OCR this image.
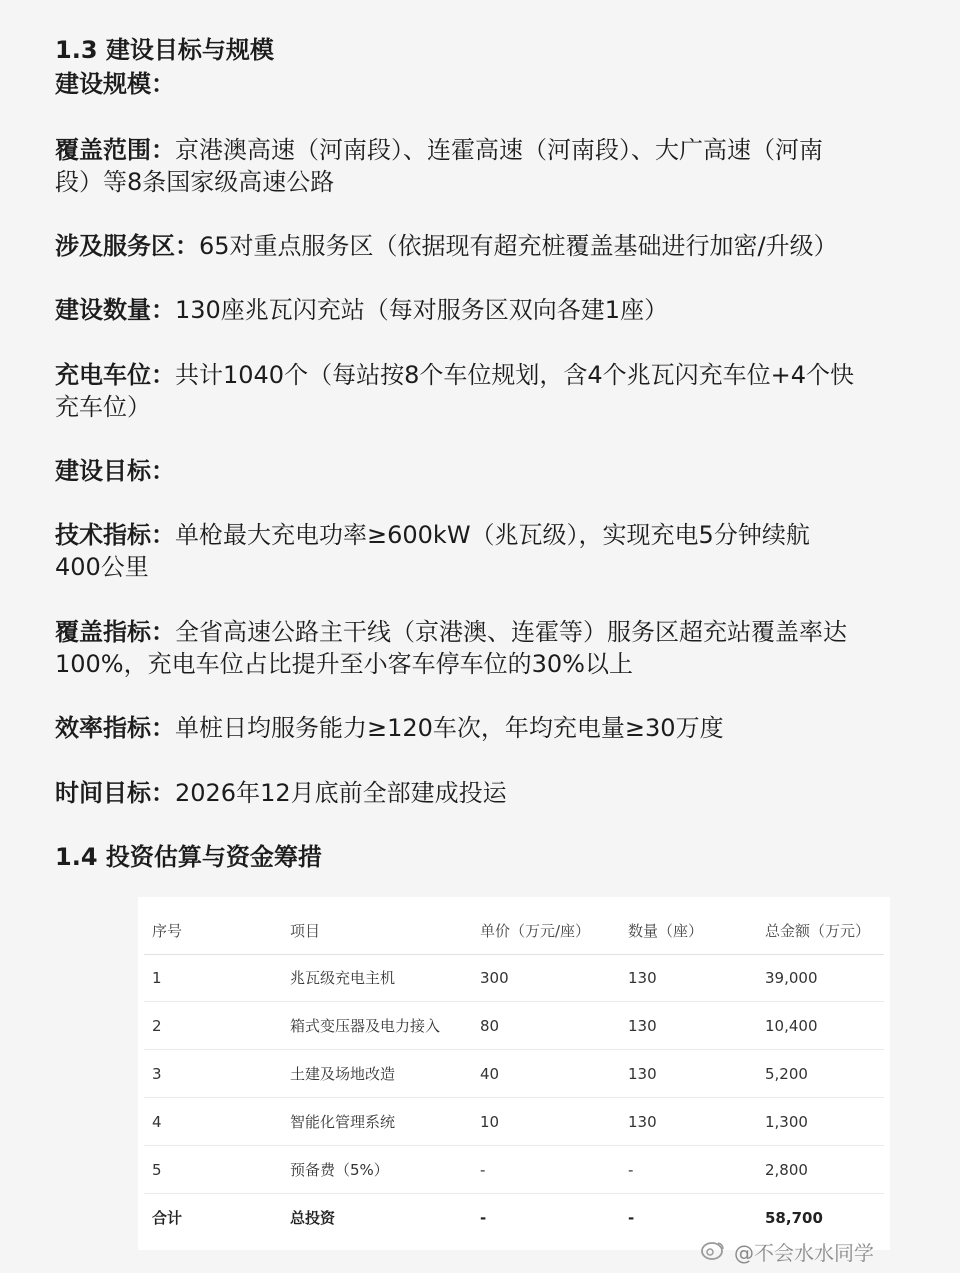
1.3 建设目标与规模
建设规模：
覆盖范围：京港澳高速（河南段）、连霍高速（河南段）、大广高速（河南
段）等8条国家级高速公路
涉及服务区：65对重点服务区（依据现有超充桩覆盖基础进行加密/升级）
建设数量：130座兆瓦闪充站（每对服务区双向各建1座）
充电车位：共计1040个（每站按8个车位规划，含4个兆瓦闪充车位+4个快
充车位）
建设目标：
技术指标：单枪最大充电功率≥600kW（兆瓦级），实现充电5分钟续航
400公里
覆盖指标：全省高速公路主干线（京港澳、连霍等）服务区超充站覆盖率达
100%，充电车位占比提升至小客车停车位的30%以上
效率指标：单桩日均服务能力≥120车次，年均充电量≥30万度
时间目标：2026年12月底前全部建成投运
1.4 投资估算与资金筹措
序号	项目	单价（万元/座）	数量（座）	总金额（万元）
1	兆瓦级充电主机	300	130	39,000
2	箱式变压器及电力接入	80	130	10,400
3	土建及场地改造	40	130	5,200
4	智能化管理系统	10	130	1,300
5	预备费（5%）	-	-	2,800
合计	总投资	-	-	58,700
@不会水水同学
